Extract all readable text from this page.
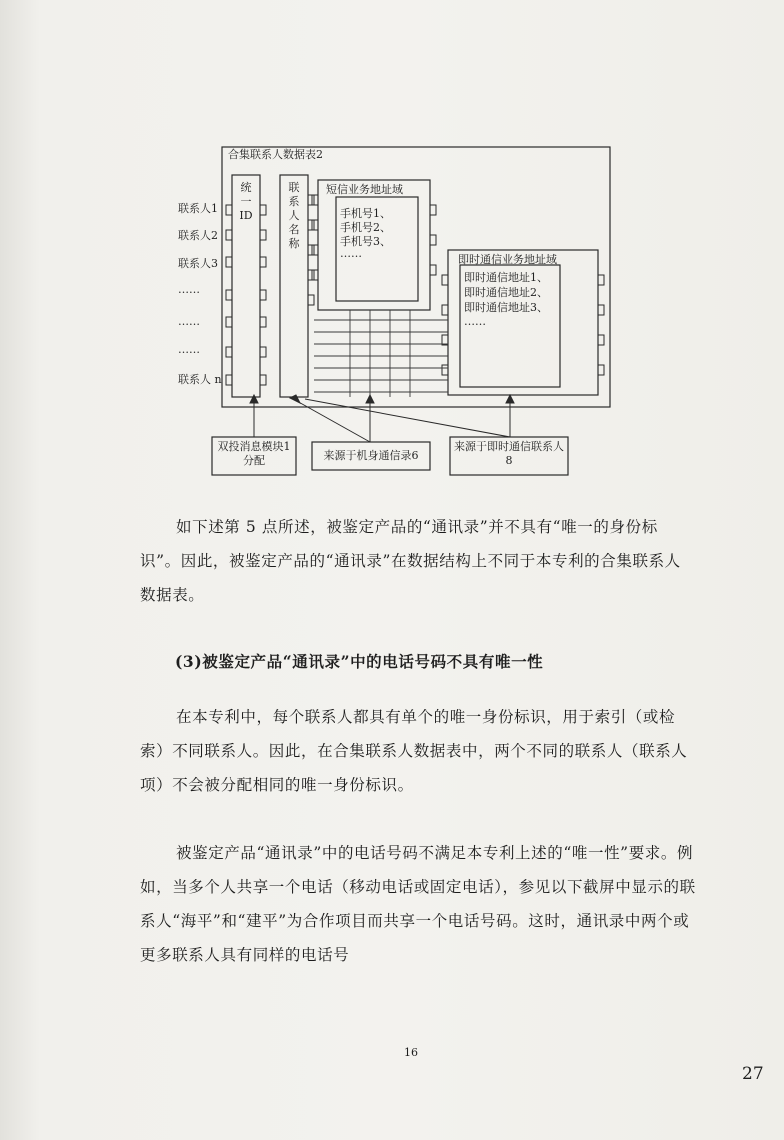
合集联系人数据表2
统一ID
联系人名称
短信业务地址域
手机号1、
手机号2、
手机号3、
……	即时通信业务地址域
即时通信地址1、
即时通信地址2、
即时通信地址3、
……
联系人1
联系人2
联系人3
……
……
……
联系人 n
双投消息模块1分配	来源于机身通信录6
来源于即时通信联系人8

如下述第 5 点所述，被鉴定产品的“通讯录”并不具有“唯一的身份标识”。因此，被鉴定产品的“通讯录”在数据结构上不同于本专利的合集联系人数据表。

(3)被鉴定产品“通讯录”中的电话号码不具有唯一性

在本专利中，每个联系人都具有单个的唯一身份标识，用于索引（或检索）不同联系人。因此，在合集联系人数据表中，两个不同的联系人（联系人项）不会被分配相同的唯一身份标识。

被鉴定产品“通讯录”中的电话号码不满足本专利上述的“唯一性”要求。例如，当多个人共享一个电话（移动电话或固定电话），参见以下截屏中显示的联系人“海平”和“建平”为合作项目而共享一个电话号码。这时，通讯录中两个或更多联系人具有同样的电话号

16
27
